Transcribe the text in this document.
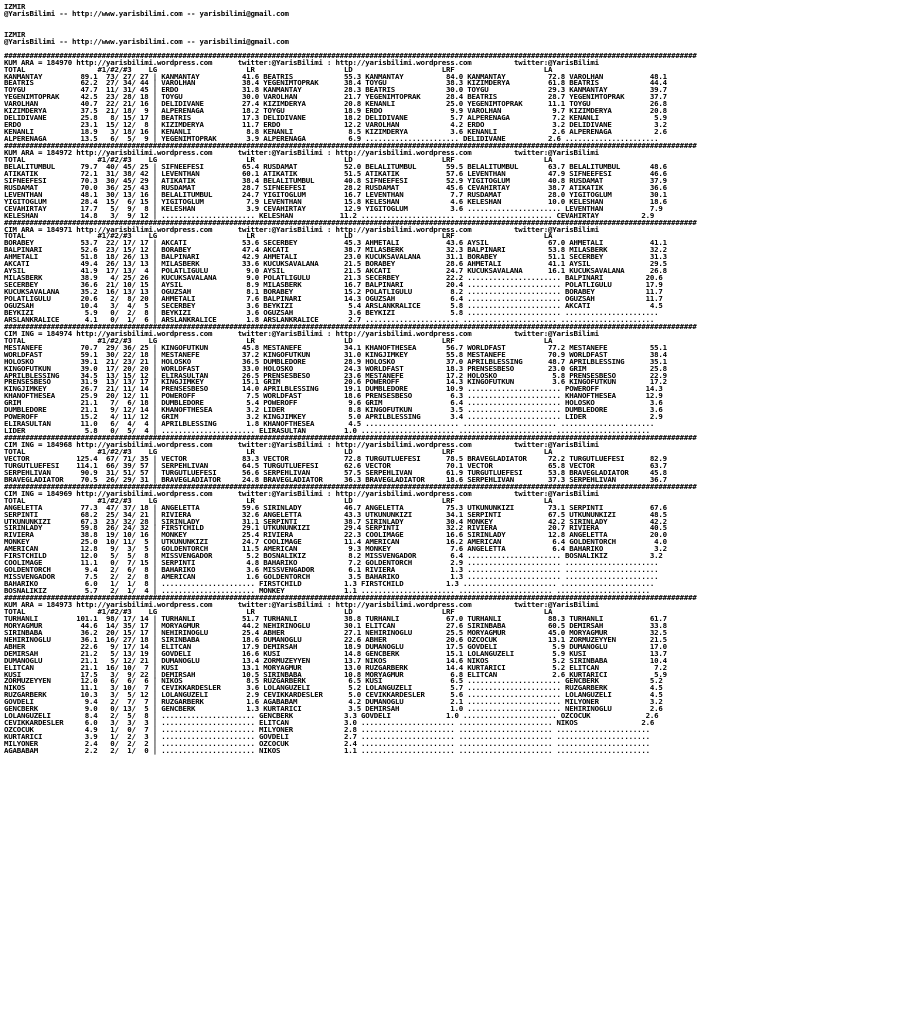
IZMIR
@YarisBilimi -- http://www.yarisbilimi.com -- yarisbilimi@gmail.com

IZMIR
@YarisBilimi -- http://www.yarisbilimi.com -- yarisbilimi@gmail.com

###################################################################################################################################################################
KUM ARA = 184970 http://yarisbilimi.wordpress.com      twitter:@YarisBilimi : http://yarisbilimi.wordpress.com          twitter:@YarisBilimi
TOTAL                 #1/#2/#3    LG                     LR                     LD                     LRF                     LA
KANMANTAY         89.1  73/ 27/ 27 | KANMANTAY          41.6 BEATRIS            55.3 KANMANTAY          84.0 KANMANTAY          72.8 VAROLHAN           48.1
BEATRIS           62.2  27/ 34/ 44 | VAROLHAN           38.4 YEGENIMTOPRAK      38.4 TOYGU              38.3 KIZIMDERYA         61.8 BEATRIS            44.4
TOYGU             47.7  11/ 31/ 45 | ERDO               31.8 KANMANTAY          28.3 BEATRIS            30.0 TOYGU              29.3 KANMANTAY          39.7
YEGENIMTOPRAK     42.5  23/ 28/ 18 | TOYGU              30.0 VAROLHAN           21.7 YEGENIMTOPRAK      28.4 BEATRIS            28.7 YEGENIMTOPRAK      37.7
VAROLHAN          40.7  22/ 21/ 16 | DELIDIVANE         27.4 KIZIMDERYA         20.8 KENANLI            25.0 YEGENIMTOPRAK      11.1 TOYGU              26.8
KIZIMDERYA        37.5  21/ 18/  9 | ALPERENAGA         18.2 TOYGU              18.9 ERDO                9.9 VAROLHAN            9.7 KIZIMDERYA         20.8
DELIDIVANE        25.8   8/ 15/ 17 | BEATRIS            17.3 DELIDIVANE         18.2 DELIDIVANE          5.7 ALPERENAGA          7.2 KENANLI             5.9
ERDO              23.1  15/ 12/  8 | KIZIMDERYA         11.7 ERDO               12.2 VAROLHAN            4.2 ERDO                3.2 DELIDIVANE          3.2
KENANLI           18.9   3/ 18/ 16 | KENANLI             8.8 KENANLI             8.5 KIZIMDERYA          3.6 KENANLI             2.6 ALPERENAGA          2.6
ALPERENAGA        13.5   6/  5/  9 | YEGENIMTOPRAK       3.9 ALPERENAGA          6.9 ...................... DELIDIVANE          2.6 ......................
###################################################################################################################################################################
KUM ARA = 184972 http://yarisbilimi.wordpress.com      twitter:@YarisBilimi : http://yarisbilimi.wordpress.com          twitter:@YarisBilimi
TOTAL                 #1/#2/#3    LG                     LR                     LD                     LRF                     LA
BELALITUMBUL      79.7  40/ 45/ 25 | SIFNEEFESI         65.4 RUSDAMAT           52.0 BELALITUMBUL       59.5 BELALITUMBUL       63.7 BELALITUMBUL       48.6
ATIKATIK          72.1  31/ 38/ 42 | LEVENTHAN          60.1 ATIKATIK           51.5 ATIKATIK           57.6 LEVENTHAN          47.9 SIFNEEFESI         46.6
SIFNEEFESI        70.3  30/ 45/ 29 | ATIKATIK           38.4 BELALITUMBUL       40.8 SIFNEEFESI         52.9 YIGITOGLUM         40.8 RUSDAMAT           37.9
RUSDAMAT          70.0  36/ 25/ 43 | RUSDAMAT           28.7 SIFNEEFESI         28.2 RUSDAMAT           45.6 CEVAHIRTAY         38.7 ATIKATIK           36.6
LEVENTHAN         48.1  30/ 13/ 16 | BELALITUMBUL       24.7 YIGITOGLUM         16.7 LEVENTHAN           7.7 RUSDAMAT           28.0 YIGITOGLUM         30.1
YIGITOGLUM        28.4  15/  6/ 15 | YIGITOGLUM          7.9 LEVENTHAN          15.8 KELESHAN            4.6 KELESHAN           10.0 KELESHAN           18.6
CEVAHIRTAY        17.7   5/  9/  8 | KELESHAN            3.9 CEVAHIRTAY         12.9 YIGITOGLUM          3.6 ...................... LEVENTHAN           7.9
KELESHAN          14.8   3/  9/ 12 | ...................... KELESHAN           11.2 ...................... ...................... CEVAHIRTAY          2.9
###################################################################################################################################################################
CIM ARA = 184971 http://yarisbilimi.wordpress.com      twitter:@YarisBilimi : http://yarisbilimi.wordpress.com          twitter:@YarisBilimi
TOTAL                 #1/#2/#3    LG                     LR                     LD                     LRF                     LA
BORABEY           53.7  22/ 17/ 17 | AKCATI             53.6 SECERBEY           45.3 AHMETALI           43.6 AYSIL              67.0 AHMETALI           41.1
BALPINARI         52.6  23/ 15/ 12 | BORABEY            47.4 AKCATI             38.7 MILASBERK          32.3 BALPINARI          53.8 MILASBERK          32.2
AHMETALI          51.8  18/ 26/ 13 | BALPINARI          42.9 AHMETALI           23.0 KUCUKSAVALANA      31.1 BORABEY            51.1 SECERBEY           31.3
AKCATI            49.4  26/ 13/ 13 | MILASBERK          33.6 KUCUKSAVALANA      21.5 BORABEY            28.6 AHMETALI           41.1 AYSIL              29.5
AYSIL             41.9  17/ 13/  4 | POLATLIGULU         9.0 AYSIL              21.5 AKCATI             24.7 KUCUKSAVALANA      16.1 KUCUKSAVALANA      26.8
MILASBERK         38.9   4/ 25/ 26 | KUCUKSAVALANA       9.0 POLATLIGULU        21.3 SECERBEY           22.2 ...................... BALPINARI          20.6
SECERBEY          36.6  21/ 10/ 15 | AYSIL               8.9 MILASBERK          16.7 BALPINARI          20.4 ...................... POLATLIGULU        17.9
KUCUKSAVALANA     35.2  16/ 13/ 13 | OGUZSAH             8.1 BORABEY            15.2 POLATLIGULU         8.2 ...................... BORABEY            11.7
POLATLIGULU       20.6   2/  8/ 20 | AHMETALI            7.6 BALPINARI          14.3 OGUZSAH             6.4 ...................... OGUZSAH            11.7
OGUZSAH           10.4   3/  4/  5 | SECERBEY            3.6 BEYKIZI             5.4 ARSLANKRALICE       5.8 ...................... AKCATI              4.5
BEYKIZI            5.9   0/  2/  8 | BEYKIZI             3.6 OGUZSAH             3.6 BEYKIZI             5.8 ...................... ......................
ARSLANKRALICE      4.1   0/  1/  6 | ARSLANKRALICE       1.8 ARSLANKRALICE       2.7 ...................... ...................... ......................
###################################################################################################################################################################
CIM ING = 184974 http://yarisbilimi.wordpress.com      twitter:@YarisBilimi : http://yarisbilimi.wordpress.com          twitter:@YarisBilimi
TOTAL                 #1/#2/#3    LG                     LR                     LD                     LRF                     LA
MESTANEFE         70.7  29/ 36/ 25 | KINGOFUTKUN        45.8 MESTANEFE          34.1 KHANOFTHESEA       56.7 WORLDFAST          77.2 MESTANEFE          55.1
WORLDFAST         59.1  30/ 22/ 18 | MESTANEFE          37.2 KINGOFUTKUN        31.0 KINGJIMKEY         55.8 MESTANEFE          70.9 WORLDFAST          38.4
HOLOSKO           39.1  21/ 23/ 21 | HOLOSKO            36.5 DUMBLEDORE         28.9 HOLOSKO            37.0 APRILBLESSING      48.7 APRILBLESSING      35.1
KINGOFUTKUN       39.0  17/ 20/ 20 | WORLDFAST          33.0 HOLOSKO            24.3 WORLDFAST          18.3 PRENSESBESO        23.0 GRIM               25.8
APRILBLESSING     34.5  13/ 15/ 12 | ELIRASULTAN        26.5 PRENSESBESO        23.6 MESTANEFE          17.2 HOLOSKO             5.8 PRENSESBESO        22.9
PRENSESBESO       31.9  13/ 13/ 17 | KINGJIMKEY         15.1 GRIM               20.6 POWEROFF           14.3 KINGOFUTKUN         3.6 KINGOFUTKUN        17.2
KINGJIMKEY        26.7  21/ 11/ 14 | PRENSESBESO        14.0 APRILBLESSING      19.1 DUMBLEDORE         10.9 ...................... POWEROFF           14.3
KHANOFTHESEA      25.9  20/ 12/ 11 | POWEROFF            7.5 WORLDFAST          18.6 PRENSESBESO         6.3 ...................... KHANOFTHESEA       12.9
GRIM              21.1   7/  6/ 18 | DUMBLEDORE          5.4 POWEROFF            9.6 GRIM                6.4 ...................... HOLOSKO             3.6
DUMBLEDORE        21.1   9/ 12/ 14 | KHANOFTHESEA        3.2 LIDER               8.8 KINGOFUTKUN         3.5 ...................... DUMBLEDORE          3.6
POWEROFF          15.2   4/ 11/ 12 | GRIM                3.2 KINGJIMKEY          5.0 APRILBLESSING       3.4 ...................... LIDER               2.9
ELIRASULTAN       11.0   6/  4/  4 | APRILBLESSING       1.8 KHANOFTHESEA        4.5 ...................... ...................... ......................
LIDER              5.8   0/  5/  4 | ...................... ELIRASULTAN         1.0 ...................... ...................... ......................
###################################################################################################################################################################
CIM ING = 184968 http://yarisbilimi.wordpress.com      twitter:@YarisBilimi : http://yarisbilimi.wordpress.com          twitter:@YarisBilimi
TOTAL                 #1/#2/#3    LG                     LR                     LD                     LRF                     LA
VECTOR           125.4  67/ 71/ 35 | VECTOR             83.3 VECTOR             72.8 TURGUTLUEFESI      78.5 BRAVEGLADIATOR     72.2 TURGUTLUEFESI      82.9
TURGUTLUEFESI    114.1  66/ 39/ 57 | SERPEHLIVAN        64.5 TURGUTLUEFESI      62.6 VECTOR             70.1 VECTOR             65.8 VECTOR             63.7
SERPEHLIVAN       90.9  31/ 51/ 57 | TURGUTLUEFESI      56.6 SERPEHLIVAN        57.5 SERPEHLIVAN        61.9 TURGUTLUEFESI      53.8 BRAVEGLADIATOR     45.8
BRAVEGLADIATOR    70.5  26/ 29/ 31 | BRAVEGLADIATOR     24.8 BRAVEGLADIATOR     36.3 BRAVEGLADIATOR     18.6 SERPEHLIVAN        37.3 SERPEHLIVAN        36.7
###################################################################################################################################################################
CIM ING = 184969 http://yarisbilimi.wordpress.com      twitter:@YarisBilimi : http://yarisbilimi.wordpress.com          twitter:@YarisBilimi
TOTAL                 #1/#2/#3    LG                     LR                     LD                     LRF                     LA
ANGELETTA         77.3  47/ 37/ 18 | ANGELETTA          59.6 SIRINLADY          46.7 ANGELETTA          75.3 UTKUNUNKIZI        73.1 SERPINTI           67.6
SERPINTI          68.2  25/ 34/ 21 | RIVIERA            32.6 ANGELETTA          43.3 UTKUNUNKIZI        34.1 SERPINTI           67.5 UTKUNUNKIZI        48.5
UTKUNUNKIZI       67.3  23/ 32/ 28 | SIRINLADY          31.1 SERPINTI           38.7 SIRINLADY          30.4 MONKEY             42.2 SIRINLADY          42.2
SIRINLADY         59.8  26/ 24/ 32 | FIRSTCHILD         29.1 UTKUNUNKIZI        29.4 SERPINTI           32.2 RIVIERA            20.7 RIVIERA            40.5
RIVIERA           38.8  19/ 10/ 16 | MONKEY             25.4 RIVIERA            22.3 COOLIMAGE          16.6 SIRINLADY          12.8 ANGELETTA          20.0
MONKEY            25.0  10/ 11/  5 | UTKUNUNKIZI        24.7 COOLIMAGE          11.4 AMERICAN           16.2 AMERICAN            6.4 GOLDENTORCH         4.0
AMERICAN          12.8   9/  3/  5 | GOLDENTORCH        11.5 AMERICAN            9.3 MONKEY              7.6 ANGELETTA           6.4 BAHARIKO            3.2
FIRSTCHILD        12.0   5/  5/  8 | MISSVENGADOR        5.2 BOSNALIKIZ          8.2 MISSVENGADOR        6.4 ...................... BOSNALIKIZ          3.2
COOLIMAGE         11.1   0/  7/ 15 | SERPINTI            4.8 BAHARIKO            7.2 GOLDENTORCH         2.9 ...................... ......................
GOLDENTORCH        9.4   2/  6/  8 | BAHARIKO            3.6 MISSVENGADOR        6.1 RIVIERA             1.3 ...................... ......................
MISSVENGADOR       7.5   2/  2/  8 | AMERICAN            1.6 GOLDENTORCH         3.5 BAHARIKO            1.3 ...................... ......................
BAHARIKO           6.0   1/  1/  8 | ...................... FIRSTCHILD          1.3 FIRSTCHILD          1.3 ...................... ......................
BOSNALIKIZ         5.7   2/  1/  4 | ...................... MONKEY              1.1 ...................... ...................... ......................
###################################################################################################################################################################
KUM ARA = 184973 http://yarisbilimi.wordpress.com      twitter:@YarisBilimi : http://yarisbilimi.wordpress.com          twitter:@YarisBilimi
TOTAL                 #1/#2/#3    LG                     LR                     LD                     LRF                     LA
TURHANLI         101.1  98/ 17/ 14 | TURHANLI           51.7 TURHANLI           38.8 TURHANLI           67.0 TURHANLI           88.3 TURHANLI           61.7
MORYAGMUR         44.6  14/ 35/ 17 | MORYAGMUR          44.2 NEHIRINOGLU        30.1 ELITCAN            27.6 SIRINBABA          60.5 DEMIRSAH           33.8
SIRINBABA         36.2  20/ 15/ 17 | NEHIRINOGLU        25.4 ABHER              27.1 NEHIRINOGLU        25.5 MORYAGMUR          45.0 MORYAGMUR          32.5
NEHIRINOGLU       36.1  16/ 27/ 18 | SIRINBABA          18.6 DUMANOGLU          22.6 ABHER              20.6 OZCOCUK            13.1 ZORMUZEYYEN        21.5
ABHER             22.6   9/ 17/ 14 | ELITCAN            17.9 DEMIRSAH           18.9 DUMANOGLU          17.5 GOVDELI             5.9 DUMANOGLU          17.0
DEMIRSAH          21.2   5/ 13/ 19 | GOVDELI            16.6 KUSI               14.8 GENCBERK           15.1 LOLANGUZELI         5.9 KUSI               13.7
DUMANOGLU         21.1   5/ 12/ 21 | DUMANOGLU          13.4 ZORMUZEYYEN        13.7 NIKOS              14.6 NIKOS               5.2 SIRINBABA          10.4
ELITCAN           21.1  16/ 10/  7 | KUSI               13.1 MORYAGMUR          13.0 RUZGARBERK         14.4 KURTARICI           5.2 ELITCAN             7.2
KUSI              17.5   3/  9/ 22 | DEMIRSAH           10.5 SIRINBABA          10.8 MORYAGMUR           6.8 ELITCAN             2.6 KURTARICI           5.9
ZORMUZEYYEN       12.0   6/  6/  6 | NIKOS               8.5 RUZGARBERK          6.5 KUSI                6.5 ...................... GENCBERK            5.2
NIKOS             11.1   3/ 10/  7 | CEVIKKARDESLER      3.6 LOLANGUZELI         5.2 LOLANGUZELI         5.7 ...................... RUZGARBERK          4.5
RUZGARBERK        10.3   3/  5/ 12 | LOLANGUZELI         2.9 CEVIKKARDESLER      5.0 CEVIKKARDESLER      5.6 ...................... LOLANGUZELI         4.5
GOVDELI            9.4   2/  7/  7 | RUZGARBERK          1.6 AGABABAM            4.2 DUMANOGLU           2.1 ...................... MILYONER            3.2
GENCBERK           9.0   0/ 13/  5 | GENCBERK            1.3 KURTARICI           3.5 DEMIRSAH            1.0 ...................... NEHIRINOGLU         2.6
LOLANGUZELI        8.4   2/  5/  8 | ...................... GENCBERK            3.3 GOVDELI             1.0 ...................... OZCOCUK             2.6
CEVIKKARDESLER     6.0   3/  3/  3 | ...................... ELITCAN             3.0 ...................... ...................... NIKOS               2.6
OZCOCUK            4.9   1/  0/  7 | ...................... MILYONER            2.8 ...................... ...................... ......................
KURTARICI          3.9   1/  2/  3 | ...................... GOVDELI             2.7 ...................... ...................... ......................
MILYONER           2.4   0/  2/  2 | ...................... OZCOCUK             2.4 ...................... ...................... ......................
AGABABAM           2.2   2/  1/  0 | ...................... NIKOS               1.1 ...................... ...................... ......................
